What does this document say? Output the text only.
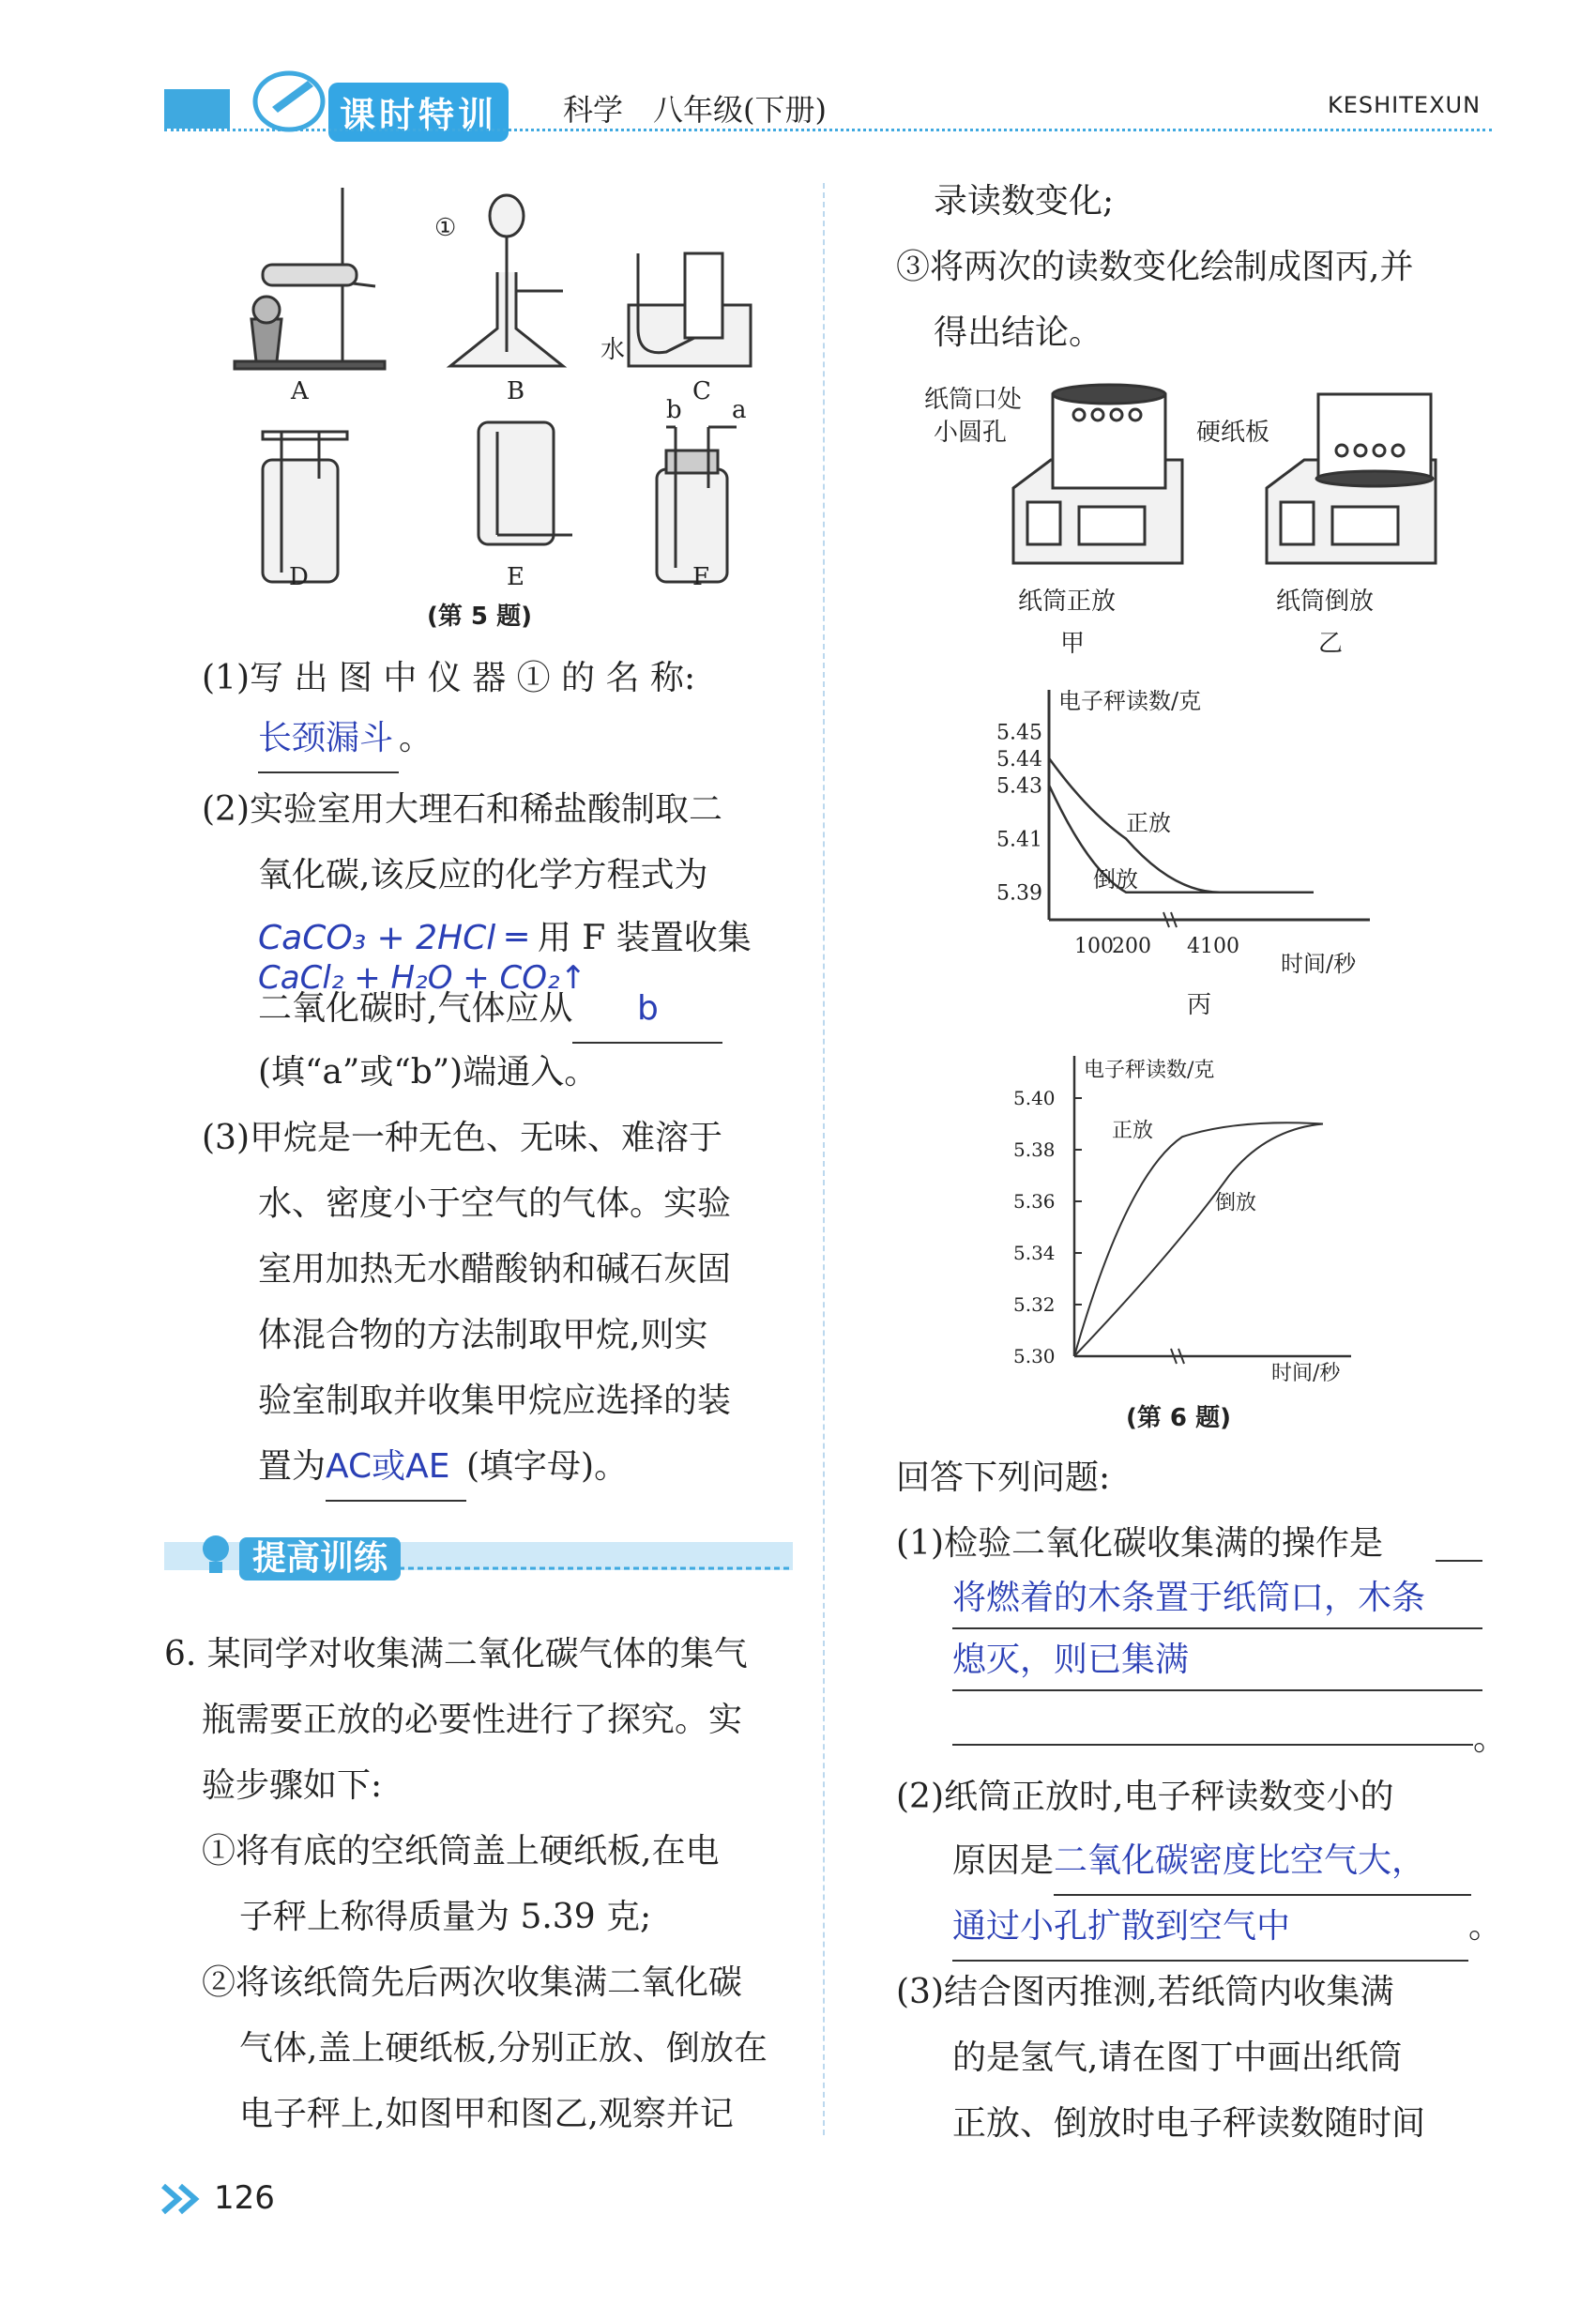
课时特训	科学　八年级(下册)	KESHITEXUN
①
水
A	B	C
D	E	F
b a
(第 5 题)
(1)写 出 图 中 仪 器 ① 的 名 称:
长颈漏斗 。
(2)实验室用大理石和稀盐酸制取二
氧化碳,该反应的化学方程式为
CaCO₃ + 2HCl ═ 用 F 装置收集
CaCl₂ + H₂O + CO₂↑
二氧化碳时,气体应从 b
(填“a”或“b”)端通入。
(3)甲烷是一种无色、无味、难溶于
水、密度小于空气的气体。实验
室用加热无水醋酸钠和碱石灰固
体混合物的方法制取甲烷,则实
验室制取并收集甲烷应选择的装
置为AC或AE (填字母)。
提高训练
6. 某同学对收集满二氧化碳气体的集气
瓶需要正放的必要性进行了探究。实
验步骤如下:
①将有底的空纸筒盖上硬纸板,在电
子秤上称得质量为 5.39 克;
②将该纸筒先后两次收集满二氧化碳
气体,盖上硬纸板,分别正放、倒放在
电子秤上,如图甲和图乙,观察并记
录读数变化;
③将两次的读数变化绘制成图丙,并
得出结论。
纸筒口处
小圆孔	硬纸板
纸筒正放
甲
纸筒倒放
乙
电子秤读数/克
时间/秒
5.45
5.44
5.43
5.41
5.39
100
200 4100
正放
倒放
丙
电子秤读数/克
时间/秒
5.40
5.38
5.36
5.34
5.32
5.30
正放
倒放
(第 6 题)
回答下列问题:
(1)检验二氧化碳收集满的操作是
将燃着的木条置于纸筒口，木条
熄灭，则已集满
。
(2)纸筒正放时,电子秤读数变小的
原因是二氧化碳密度比空气大，
通过小孔扩散到空气中	。
(3)结合图丙推测,若纸筒内收集满
的是氢气,请在图丁中画出纸筒
正放、倒放时电子秤读数随时间
126
